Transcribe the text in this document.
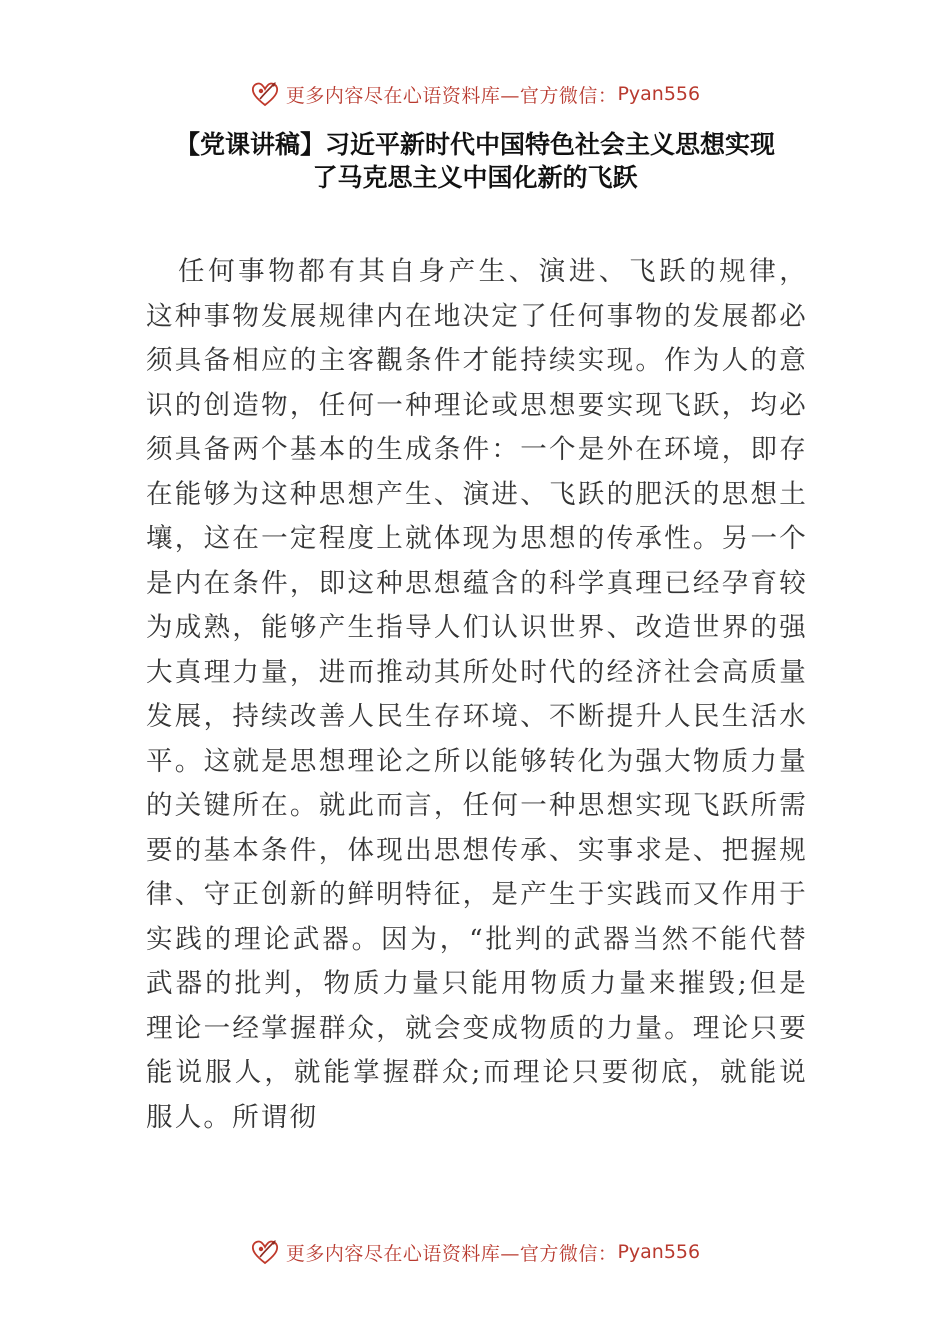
更多内容尽在心语资料库—官方微信： Pyan556
【党课讲稿】习近平新时代中国特色社会主义思想实现
了马克思主义中国化新的飞跃

任何事物都有其自身产生、演进、飞跃的规律，这种事物发展规律内在地决定了任何事物的发展都必须具备相应的主客觀条件才能持续实现。作为人的意识的创造物，任何一种理论或思想要实现飞跃，均必须具备两个基本的生成条件：一个是外在环境，即存在能够为这种思想产生、演进、飞跃的肥沃的思想土壤，这在一定程度上就体现为思想的传承性。另一个是内在条件，即这种思想蕴含的科学真理已经孕育较为成熟，能够产生指导人们认识世界、改造世界的强大真理力量，进而推动其所处时代的经济社会高质量发展，持续改善人民生存环境、不断提升人民生活水平。这就是思想理论之所以能够转化为强大物质力量的关键所在。就此而言，任何一种思想实现飞跃所需要的基本条件，体现出思想传承、实事求是、把握规律、守正创新的鲜明特征，是产生于实践而又作用于实践的理论武器。因为，“批判的武器当然不能代替武器的批判，物质力量只能用物质力量来摧毁;但是理论一经掌握群众，就会变成物质的力量。理论只要能说服人，就能掌握群众;而理论只要彻底，就能说服人。所谓彻

更多内容尽在心语资料库—官方微信： Pyan556
